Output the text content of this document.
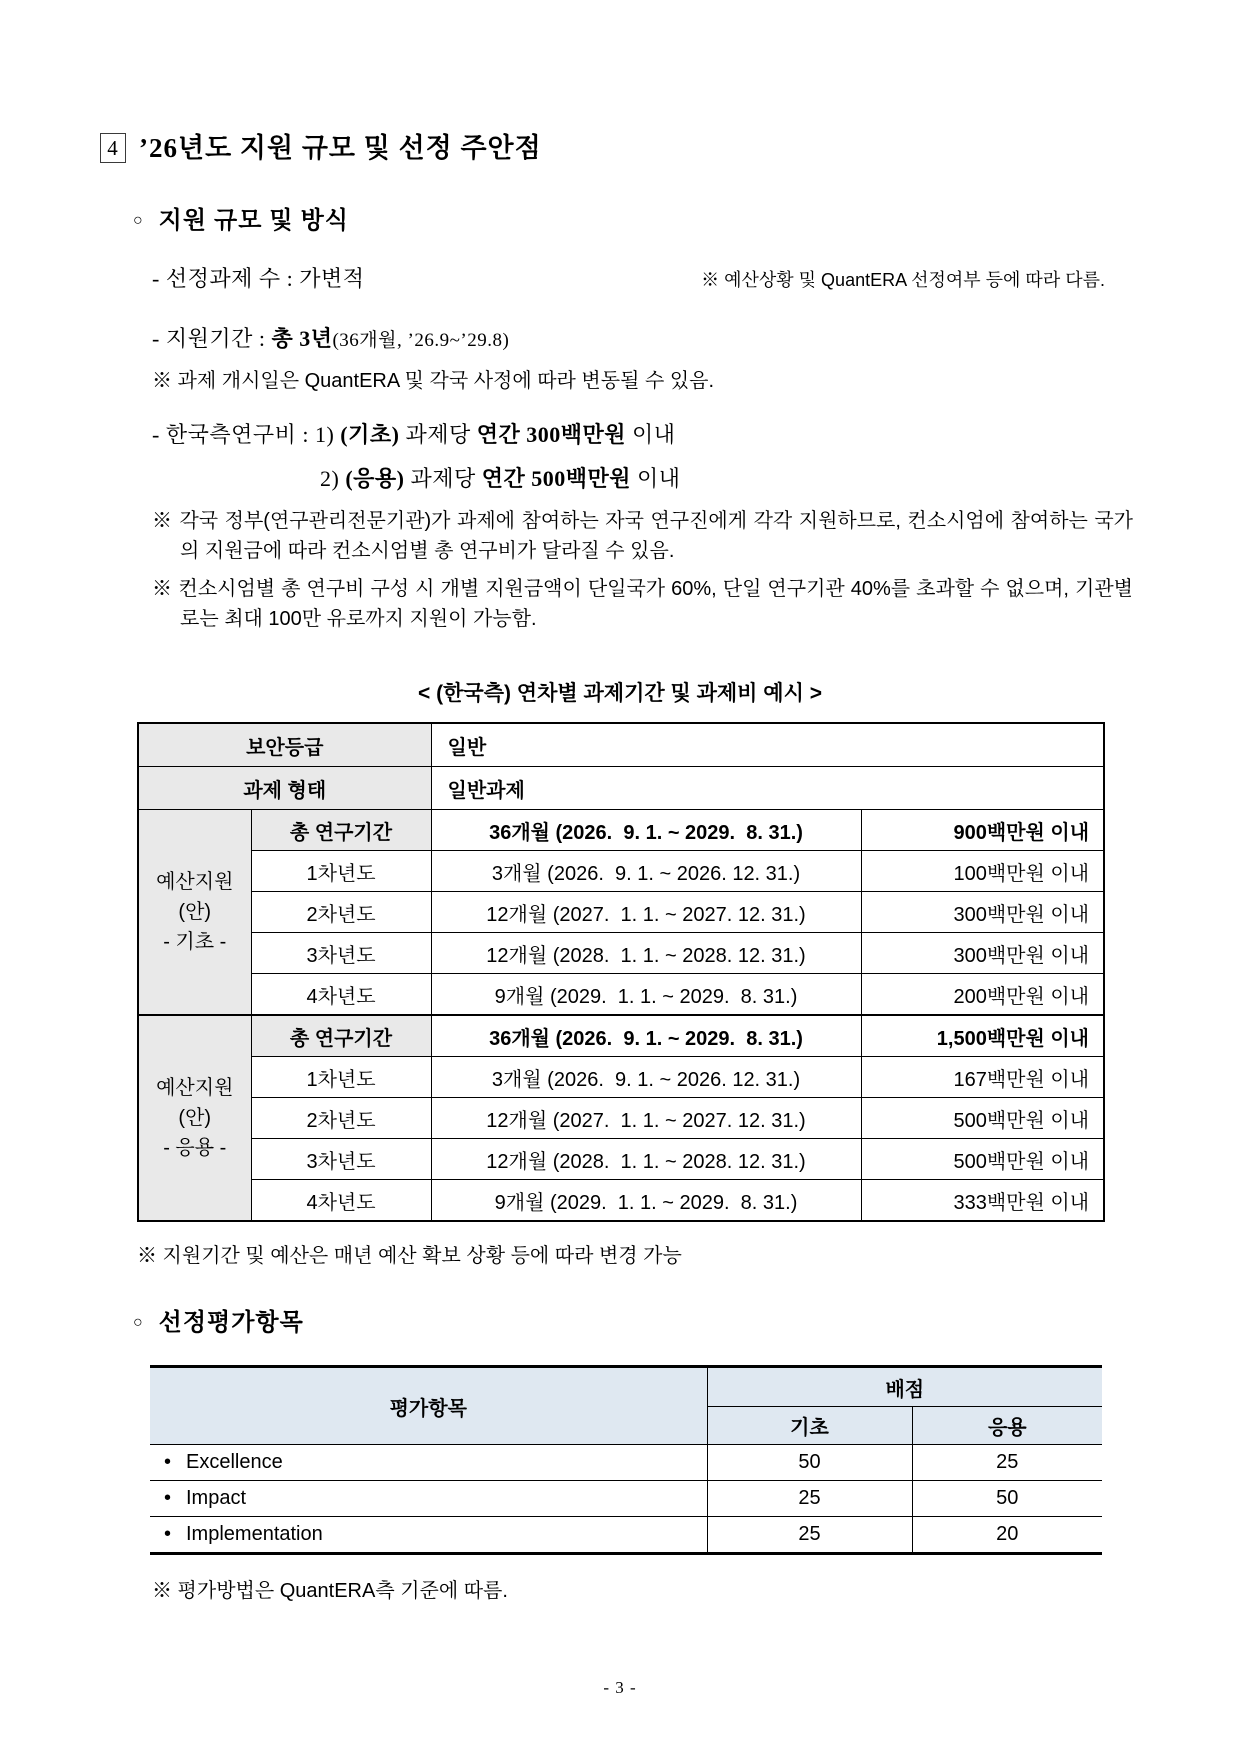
4 ’26년도 지원 규모 및 선정 주안점
○ 지원 규모 및 방식
- 선정과제 수 : 가변적	※ 예산상황 및 QuantERA 선정여부 등에 따라 다름.
- 지원기간 : 총 3년(36개월, ’26.9~’29.8)
※ 과제 개시일은 QuantERA 및 각국 사정에 따라 변동될 수 있음.
- 한국측연구비 : 1) (기초) 과제당 연간 300백만원 이내
2) (응용) 과제당 연간 500백만원 이내
※ 각국 정부(연구관리전문기관)가 과제에 참여하는 자국 연구진에게 각각 지원하므로, 컨소시엄에 참여하는 국가의 지원금에 따라 컨소시엄별 총 연구비가 달라질 수 있음.
※ 컨소시엄별 총 연구비 구성 시 개별 지원금액이 단일국가 60%, 단일 연구기관 40%를 초과할 수 없으며, 기관별로는 최대 100만 유로까지 지원이 가능함.
< (한국측) 연차별 과제기간 및 과제비 예시 >
보안등급		일반	
과제 형태		일반과제	

예산지원
(안)
- 기초 -	총 연구기간	36개월 (2026.  9. 1. ~ 2029.  8. 31.)	900백만원 이내
	1차년도	3개월 (2026.  9. 1. ~ 2026. 12. 31.)	100백만원 이내
	2차년도	12개월 (2027.  1. 1. ~ 2027. 12. 31.)	300백만원 이내
	3차년도	12개월 (2028.  1. 1. ~ 2028. 12. 31.)	300백만원 이내
	4차년도	9개월 (2029.  1. 1. ~ 2029.  8. 31.)	200백만원 이내

예산지원
(안)
- 응용 -	총 연구기간	36개월 (2026.  9. 1. ~ 2029.  8. 31.)	1,500백만원 이내
	1차년도	3개월 (2026.  9. 1. ~ 2026. 12. 31.)	167백만원 이내
	2차년도	12개월 (2027.  1. 1. ~ 2027. 12. 31.)	500백만원 이내
	3차년도	12개월 (2028.  1. 1. ~ 2028. 12. 31.)	500백만원 이내
	4차년도	9개월 (2029.  1. 1. ~ 2029.  8. 31.)	333백만원 이내
※ 지원기간 및 예산은 매년 예산 확보 상황 등에 따라 변경 가능
○ 선정평가항목
평가항목	배점	
	기초	응용
• Excellence	50	25
• Impact	25	50
• Implementation	25	20
※ 평가방법은 QuantERA측 기준에 따름.
- 3 -
